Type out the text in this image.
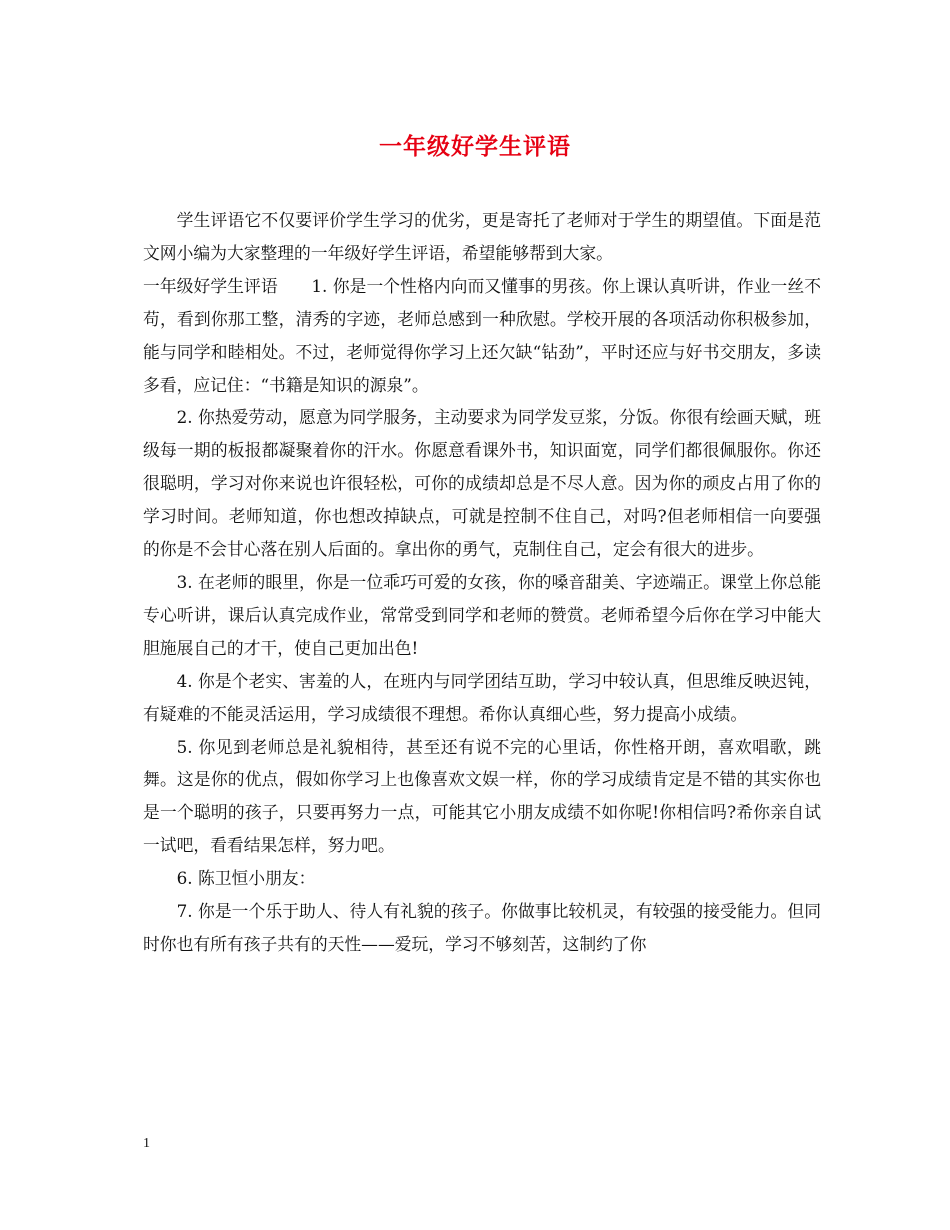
一年级好学生评语

学生评语它不仅要评价学生学习的优劣，更是寄托了老师对于学生的期望值。下面是范文网小编为大家整理的一年级好学生评语，希望能够帮到大家。

一年级好学生评语　　1. 你是一个性格内向而又懂事的男孩。你上课认真听讲，作业一丝不苟，看到你那工整，清秀的字迹，老师总感到一种欣慰。学校开展的各项活动你积极参加，能与同学和睦相处。不过，老师觉得你学习上还欠缺“钻劲”，平时还应与好书交朋友，多读多看，应记住：“书籍是知识的源泉”。

2. 你热爱劳动，愿意为同学服务，主动要求为同学发豆浆，分饭。你很有绘画天赋，班级每一期的板报都凝聚着你的汗水。你愿意看课外书，知识面宽，同学们都很佩服你。你还很聪明，学习对你来说也许很轻松，可你的成绩却总是不尽人意。因为你的顽皮占用了你的学习时间。老师知道，你也想改掉缺点，可就是控制不住自己，对吗?但老师相信一向要强的你是不会甘心落在别人后面的。拿出你的勇气，克制住自己，定会有很大的进步。

3. 在老师的眼里，你是一位乖巧可爱的女孩，你的嗓音甜美、字迹端正。课堂上你总能专心听讲，课后认真完成作业，常常受到同学和老师的赞赏。老师希望今后你在学习中能大胆施展自己的才干，使自己更加出色!

4. 你是个老实、害羞的人，在班内与同学团结互助，学习中较认真，但思维反映迟钝，有疑难的不能灵活运用，学习成绩很不理想。希你认真细心些，努力提高小成绩。

5. 你见到老师总是礼貌相待，甚至还有说不完的心里话，你性格开朗，喜欢唱歌，跳舞。这是你的优点，假如你学习上也像喜欢文娱一样，你的学习成绩肯定是不错的其实你也是一个聪明的孩子，只要再努力一点，可能其它小朋友成绩不如你呢!你相信吗?希你亲自试一试吧，看看结果怎样，努力吧。

6. 陈卫恒小朋友：

7. 你是一个乐于助人、待人有礼貌的孩子。你做事比较机灵，有较强的接受能力。但同时你也有所有孩子共有的天性——爱玩，学习不够刻苦，这制约了你

1
